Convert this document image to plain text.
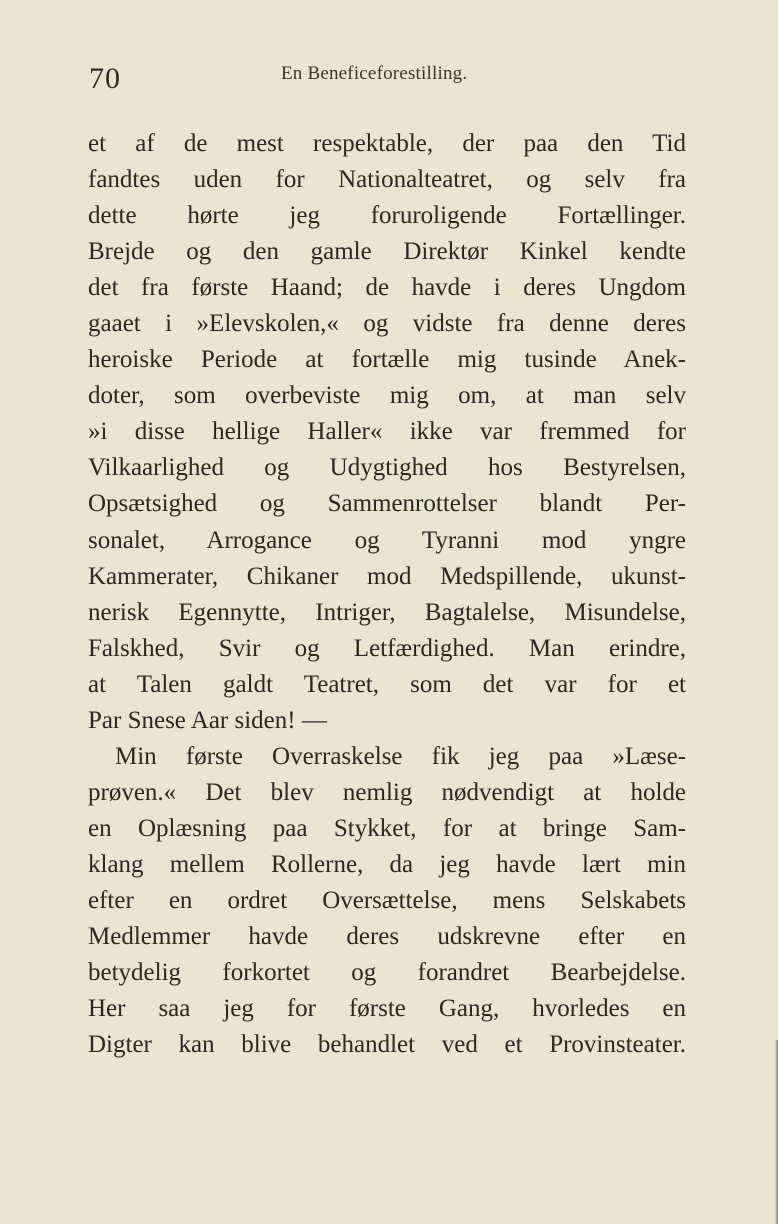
70	En Beneficeforestilling.
et af de mest respektable, der paa den Tid
fandtes uden for Nationalteatret, og selv fra
dette hørte jeg foruroligende Fortællinger.
Brejde og den gamle Direktør Kinkel kendte
det fra første Haand; de havde i deres Ungdom
gaaet i »Elevskolen,« og vidste fra denne deres
heroiske Periode at fortælle mig tusinde Anek-
doter, som overbeviste mig om, at man selv
»i disse hellige Haller« ikke var fremmed for
Vilkaarlighed og Udygtighed hos Bestyrelsen,
Opsætsighed og Sammenrottelser blandt Per-
sonalet, Arrogance og Tyranni mod yngre
Kammerater, Chikaner mod Medspillende, ukunst-
nerisk Egennytte, Intriger, Bagtalelse, Misundelse,
Falskhed, Svir og Letfærdighed. Man erindre,
at Talen galdt Teatret, som det var for et
Par Snese Aar siden! —
Min første Overraskelse fik jeg paa »Læse-
prøven.« Det blev nemlig nødvendigt at holde
en Oplæsning paa Stykket, for at bringe Sam-
klang mellem Rollerne, da jeg havde lært min
efter en ordret Oversættelse, mens Selskabets
Medlemmer havde deres udskrevne efter en
betydelig forkortet og forandret Bearbejdelse.
Her saa jeg for første Gang, hvorledes en
Digter kan blive behandlet ved et Provinsteater.
